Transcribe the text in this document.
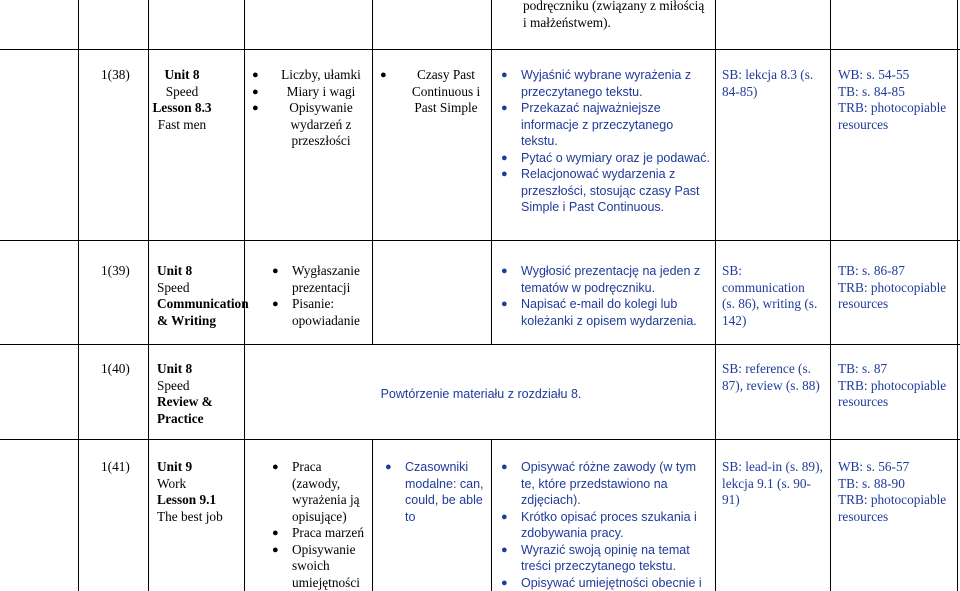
podręczniku (związany z miłością
i małżeństwem).
1(38)	Unit 8
Speed
Lesson 8.3
Fast men
● Liczby, ułamki
● Miary i wagi
● Opisywanie wydarzeń z przeszłości
● Czasy Past Continuous i Past Simple
● Wyjaśnić wybrane wyrażenia z przeczytanego tekstu.
● Przekazać najważniejsze informacje z przeczytanego tekstu.
● Pytać o wymiary oraz je podawać.
● Relacjonować wydarzenia z przeszłości, stosując czasy Past Simple i Past Continuous.
SB: lekcja 8.3 (s. 84-85)
WB: s. 54-55
TB: s. 84-85
TRB: photocopiable resources
1(39) Unit 8
Speed
Communication
& Writing
● Wygłaszanie prezentacji
● Pisanie: opowiadanie
● Wygłosić prezentację na jeden z tematów w podręczniku.
● Napisać e-mail do kolegi lub koleżanki z opisem wydarzenia.
SB: communication (s. 86), writing (s. 142)
TB: s. 86-87
TRB: photocopiable resources
1(40) Unit 8
Speed
Review &
Practice
SB: reference (s. 87), review (s. 88)
TB: s. 87
TRB: photocopiable resources
Powtórzenie materiału z rozdziału 8.
1(41) Unit 9
Work
Lesson 9.1
The best job
● Praca (zawody, wyrażenia ją opisujące)
● Praca marzeń
● Opisywanie swoich umiejętności
● Czasowniki modalne: can, could, be able to
● Opisywać różne zawody (w tym te, które przedstawiono na zdjęciach).
● Krótko opisać proces szukania i zdobywania pracy.
● Wyrazić swoją opinię na temat treści przeczytanego tekstu.
● Opisywać umiejętności obecnie i
SB: lead-in (s. 89), lekcja 9.1 (s. 90-91)
WB: s. 56-57
TB: s. 88-90
TRB: photocopiable resources
